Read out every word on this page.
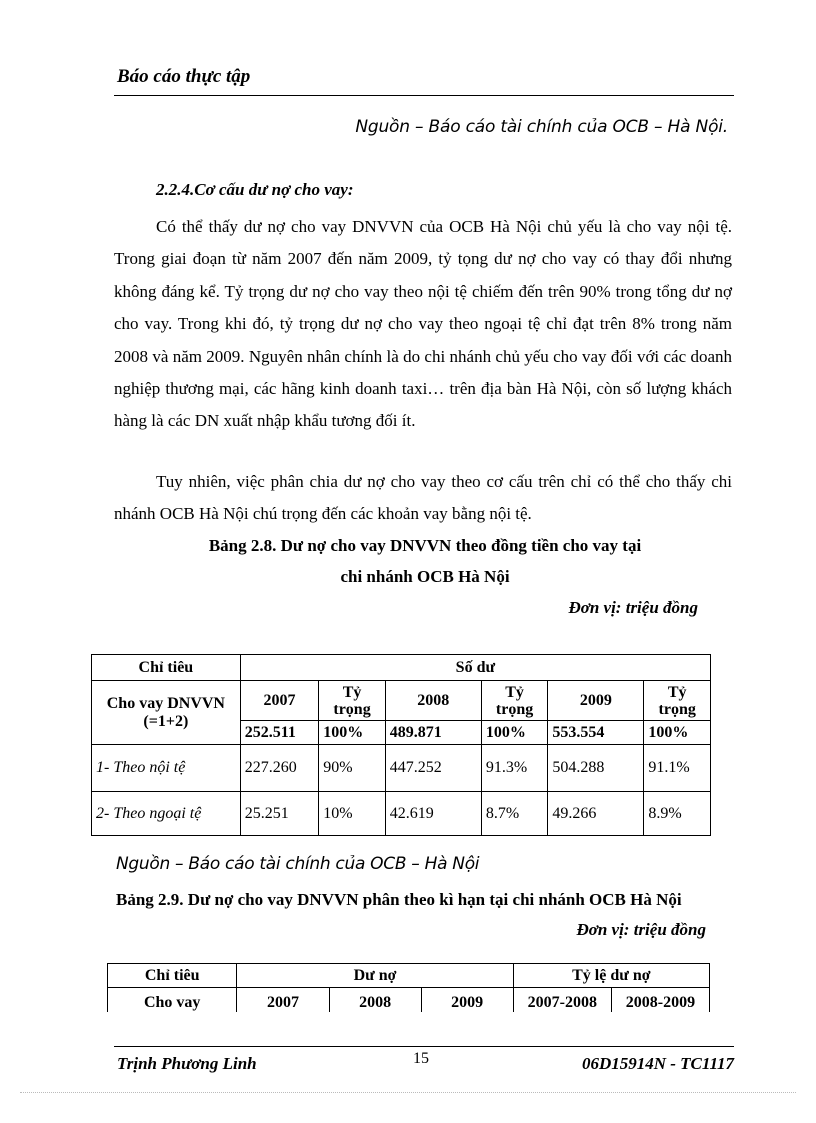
Báo cáo thực tập
Nguồn – Báo cáo tài chính của OCB – Hà Nội.
2.2.4.Cơ cấu dư nợ cho vay:

Có thể thấy dư nợ cho vay DNVVN của OCB Hà Nội chủ yếu là cho vay nội tệ. Trong giai đoạn từ năm 2007 đến năm 2009, tỷ tọng dư nợ cho vay có thay đổi nhưng không đáng kể. Tỷ trọng dư nợ cho vay theo nội tệ chiếm đến trên 90% trong tổng dư nợ cho vay. Trong khi đó, tỷ trọng dư nợ cho vay theo ngoại tệ chỉ đạt trên 8% trong năm 2008 và năm 2009. Nguyên nhân chính là do chi nhánh chủ yếu cho vay đối với các doanh nghiệp thương mại, các hãng kinh doanh taxi… trên địa bàn Hà Nội, còn số lượng khách hàng là các DN xuất nhập khẩu tương đối ít.

Tuy nhiên, việc phân chia dư nợ cho vay theo cơ cấu trên chỉ có thể cho thấy chi nhánh OCB Hà Nội chú trọng đến các khoản vay bằng nội tệ.

Bảng 2.8. Dư nợ cho vay DNVVN theo đồng tiền cho vay tại
chi nhánh OCB Hà Nội
Đơn vị: triệu đồng
Chỉ tiêu	Số dư					
Cho vay DNVVN (=1+2)	2007	Tỷ trọng	2008	Tỷ trọng	2009	Tỷ trọng
	252.511	100%	489.871	100%	553.554	100%
1- Theo nội tệ	227.260	90%	447.252	91.3%	504.288	91.1%
2- Theo ngoại tệ	25.251	10%	42.619	8.7%	49.266	8.9%
Nguồn – Báo cáo tài chính của OCB – Hà Nội
Bảng 2.9. Dư nợ cho vay DNVVN phân theo kì hạn tại chi nhánh OCB Hà Nội
Đơn vị: triệu đồng
Chỉ tiêu	Dư nợ			Tỷ lệ dư nợ	
Cho vay	2007	2008	2009	2007-2008	2008-2009
Trịnh Phương Linh	15	06D15914N - TC1117
